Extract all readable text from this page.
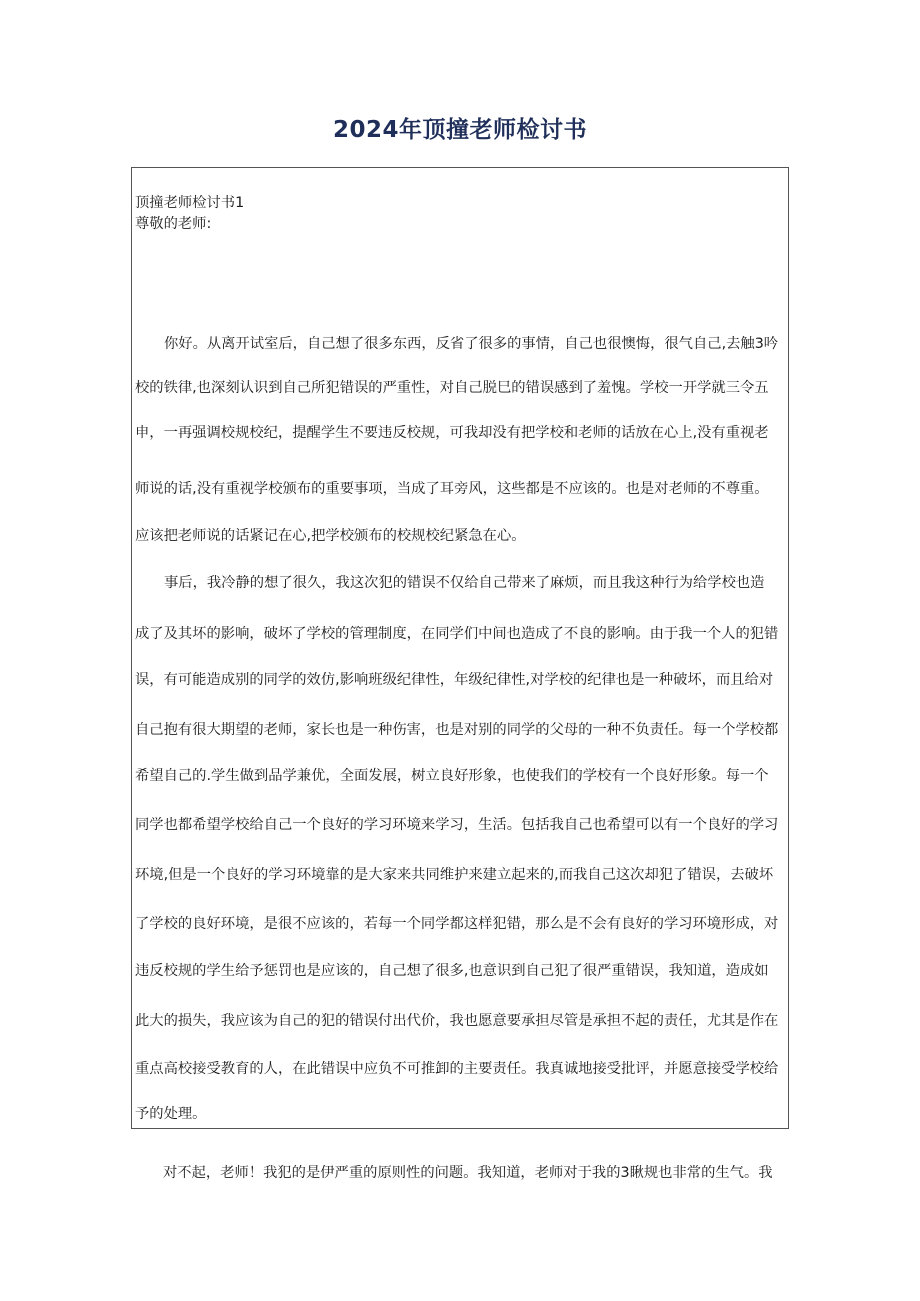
2024年顶撞老师检讨书
顶撞老师检讨书1
尊敬的老师:
你好。从离开试室后，自己想了很多东西，反省了很多的事情，自己也很懊悔，很气自己,去触3吟
校的铁律,也深刻认识到自己所犯错误的严重性，对自己脱巳的错误感到了羞愧。学校一开学就三令五
申，一再强调校规校纪，提醒学生不要违反校规，可我却没有把学校和老师的话放在心上,没有重视老
师说的话,没有重视学校颁布的重要事项，当成了耳旁风，这些都是不应该的。也是对老师的不尊重。
应该把老师说的话紧记在心,把学校颁布的校规校纪紧急在心。
事后，我冷静的想了很久，我这次犯的错误不仅给自己带来了麻烦，而且我这种行为给学校也造
成了及其坏的影响，破坏了学校的管理制度，在同学们中间也造成了不良的影响。由于我一个人的犯错
误，有可能造成别的同学的效仿,影响班级纪律性，年级纪律性,对学校的纪律也是一种破坏，而且给对
自己抱有很大期望的老师，家长也是一种伤害，也是对别的同学的父母的一种不负责任。每一个学校都
希望自己的.学生做到品学兼优，全面发展，树立良好形象，也使我们的学校有一个良好形象。每一个
同学也都希望学校给自己一个良好的学习环境来学习，生活。包括我自己也希望可以有一个良好的学习
环境,但是一个良好的学习环境靠的是大家来共同维护来建立起来的,而我自己这次却犯了错误，去破坏
了学校的良好环境，是很不应该的，若每一个同学都这样犯错，那么是不会有良好的学习环境形成，对
违反校规的学生给予惩罚也是应该的，自己想了很多,也意识到自己犯了很严重错误，我知道，造成如
此大的损失，我应该为自己的犯的错误付出代价，我也愿意要承担尽管是承担不起的责任，尤其是作在
重点高校接受教育的人，在此错误中应负不可推卸的主要责任。我真诚地接受批评，并愿意接受学校给
予的处理。
对不起，老师！我犯的是伊严重的原则性的问题。我知道，老师对于我的3瞅规也非常的生气。我
